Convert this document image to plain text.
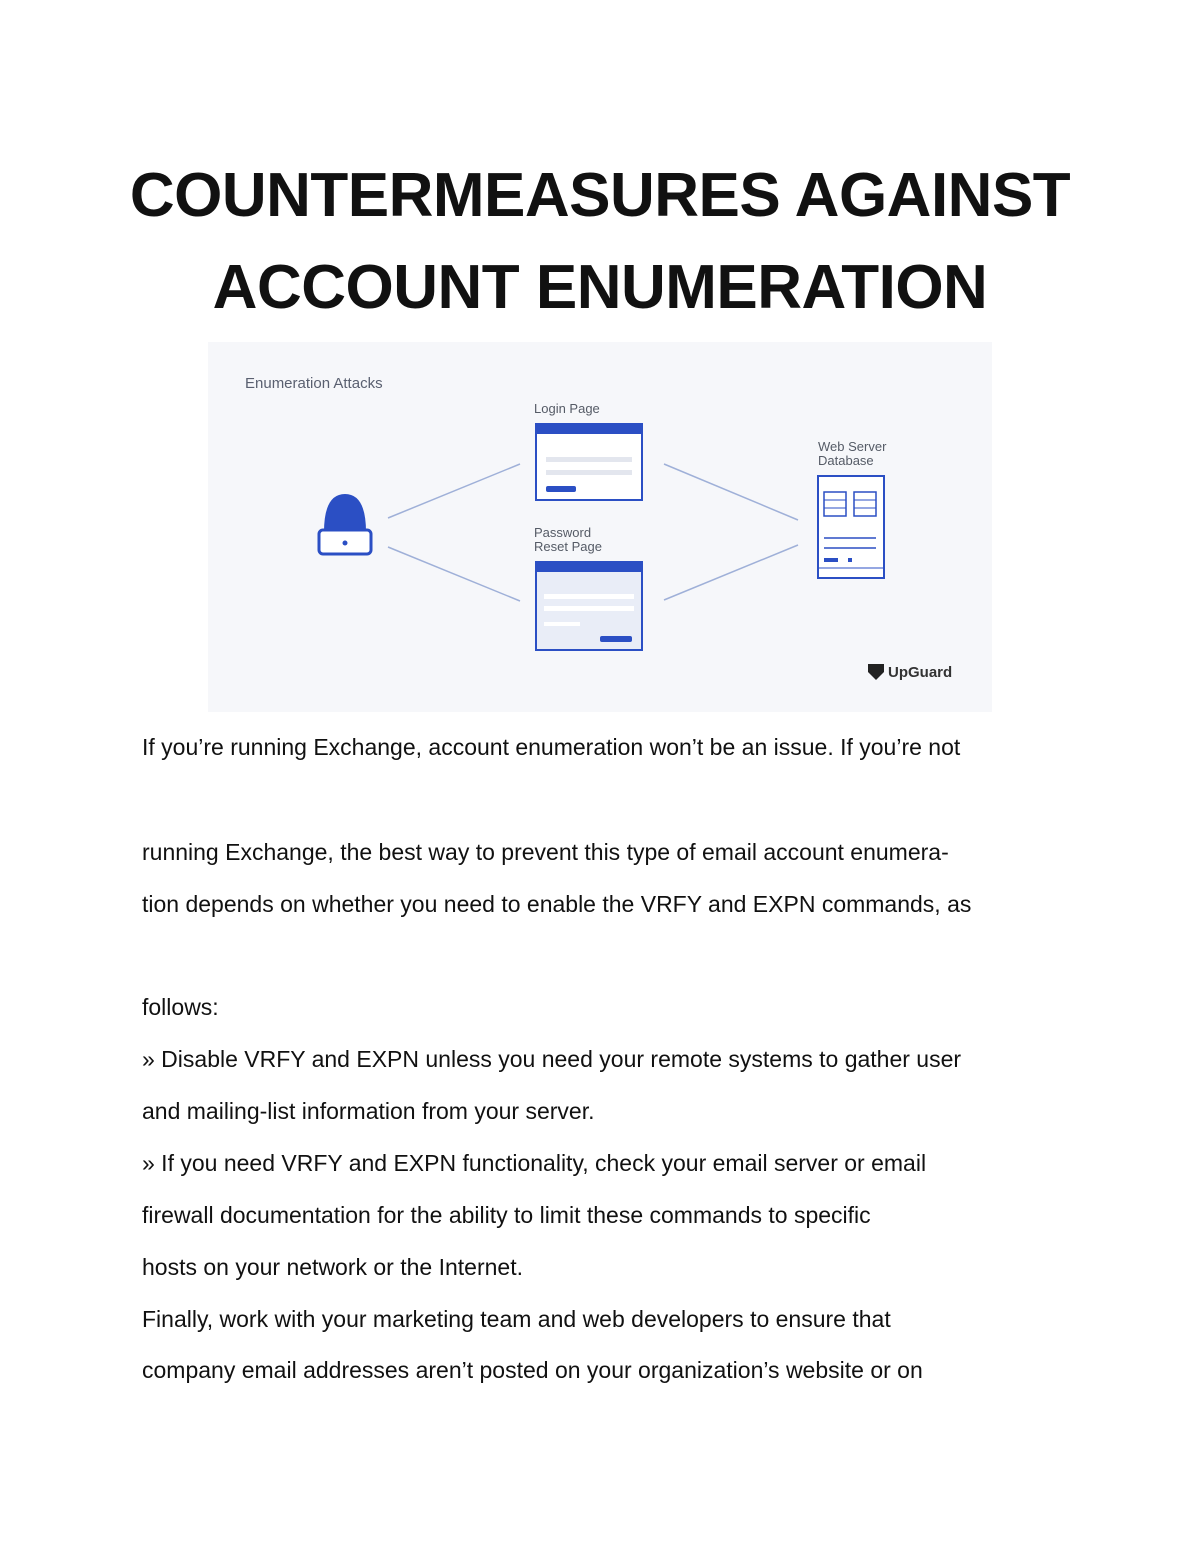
COUNTERMEASURES AGAINST
ACCOUNT ENUMERATION
Enumeration Attacks
Login Page
Password
Reset Page
Web Server
Database
UpGuard
If you’re running Exchange, account enumeration won’t be an issue. If you’re not
running Exchange, the best way to prevent this type of email account enumera-
tion depends on whether you need to enable the VRFY and EXPN commands, as
follows:
» Disable VRFY and EXPN unless you need your remote systems to gather user
and mailing-list information from your server.
» If you need VRFY and EXPN functionality, check your email server or email
firewall documentation for the ability to limit these commands to specific
hosts on your network or the Internet.
Finally, work with your marketing team and web developers to ensure that
company email addresses aren’t posted on your organization’s website or on
